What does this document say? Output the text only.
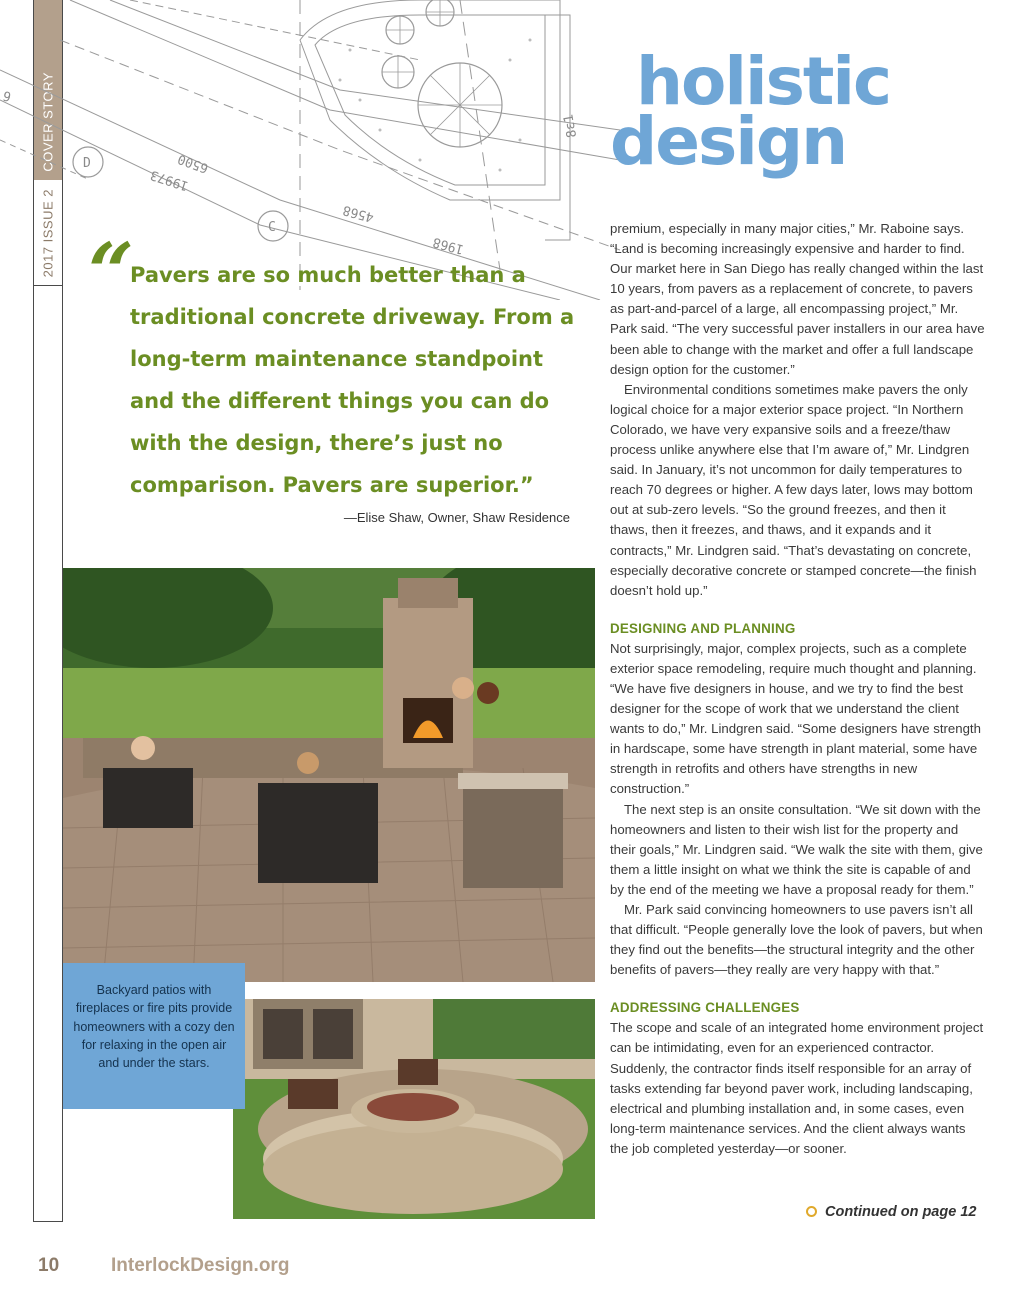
COVER STORY
2017 ISSUE 2
6500
19973
4568
1968
6
8ε1
D
C
holistic
design
“
Pavers are so much better than a traditional concrete driveway. From a long-term maintenance standpoint and the different things you can do with the design, there’s just no comparison. Pavers are superior.”
—Elise Shaw, Owner, Shaw Residence

Backyard patios with fireplaces or fire pits provide homeowners with a cozy den for relaxing in the open air and under the stars.

premium, especially in many major cities,” Mr. Raboine says. “Land is becoming increasingly expensive and harder to find. Our market here in San Diego has really changed within the last 10 years, from pavers as a replacement of concrete, to pavers as part-and-parcel of a large, all encompassing project,” Mr. Park said. “The very successful paver installers in our area have been able to change with the market and offer a full landscape design option for the customer.”

Environmental conditions sometimes make pavers the only logical choice for a major exterior space project. “In Northern Colorado, we have very expansive soils and a freeze/thaw process unlike anywhere else that I’m aware of,” Mr. Lindgren said. In January, it’s not uncommon for daily temperatures to reach 70 degrees or higher. A few days later, lows may bottom out at sub-zero levels. “So the ground freezes, and then it thaws, then it freezes, and thaws, and it expands and it contracts,” Mr. Lindgren said. “That’s devastating on concrete, especially decorative concrete or stamped concrete—the finish doesn’t hold up.”

DESIGNING AND PLANNING

Not surprisingly, major, complex projects, such as a complete exterior space remodeling, require much thought and planning. “We have five designers in house, and we try to find the best designer for the scope of work that we understand the client wants to do,” Mr. Lindgren said. “Some designers have strength in hardscape, some have strength in plant material, some have strength in retrofits and others have strengths in new construction.”

The next step is an onsite consultation. “We sit down with the homeowners and listen to their wish list for the property and their goals,” Mr. Lindgren said. “We walk the site with them, give them a little insight on what we think the site is capable of and by the end of the meeting we have a proposal ready for them.”

Mr. Park said convincing homeowners to use pavers isn’t all that difficult. “People generally love the look of pavers, but when they find out the benefits—the structural integrity and the other benefits of pavers—they really are very happy with that.”

ADDRESSING CHALLENGES

The scope and scale of an integrated home environment project can be intimidating, even for an experienced contractor. Suddenly, the contractor finds itself responsible for an array of tasks extending far beyond paver work, including landscaping, electrical and plumbing installation and, in some cases, even long-term maintenance services. And the client always wants the job completed yesterday—or sooner.

Continued on page 12
10	InterlockDesign.org
